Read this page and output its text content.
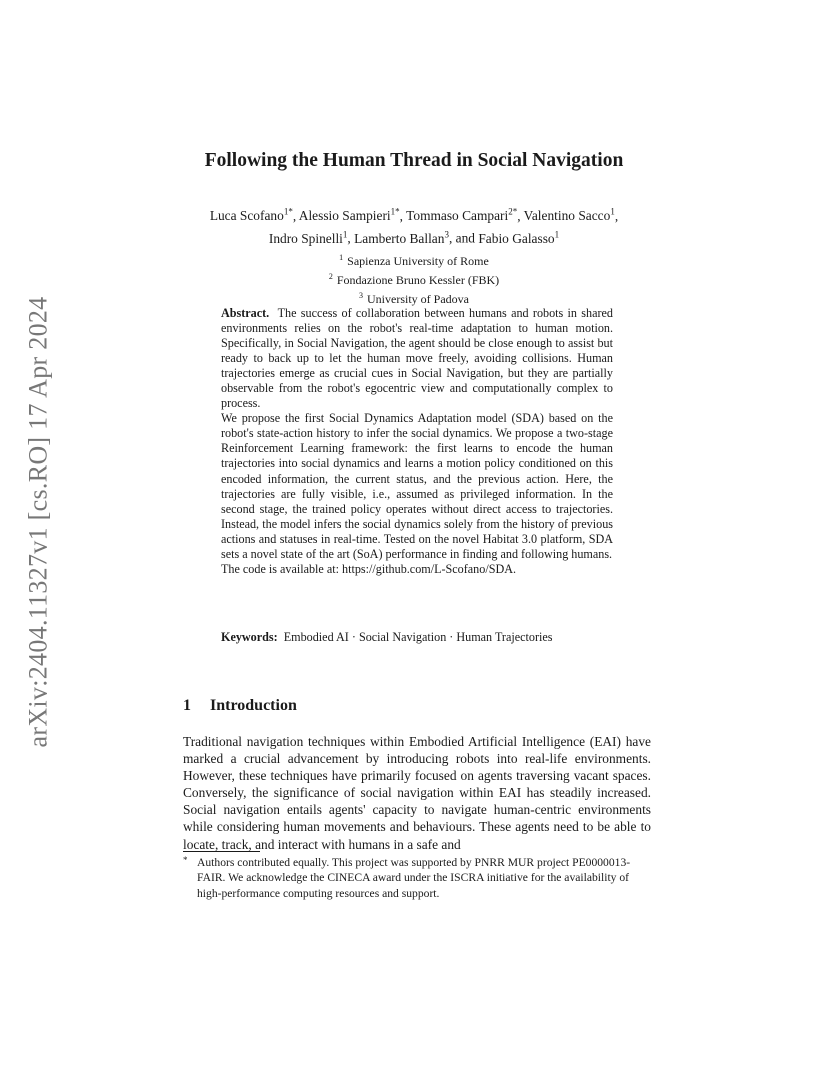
arXiv:2404.11327v1 [cs.RO] 17 Apr 2024
Following the Human Thread in Social Navigation
Luca Scofano$^{1*}$, Alessio Sampieri$^{1*}$, Tommaso Campari$^{2*}$, Valentino Sacco$^1$,
Indro Spinelli$^1$, Lamberto Ballan$^3$, and Fabio Galasso$^1$
$^1$ Sapienza University of Rome
$^2$ Fondazione Bruno Kessler (FBK)
$^3$ University of Padova

Abstract. The success of collaboration between humans and robots in shared environments relies on the robot's real-time adaptation to human motion. Specifically, in Social Navigation, the agent should be close enough to assist but ready to back up to let the human move freely, avoiding collisions. Human trajectories emerge as crucial cues in Social Navigation, but they are partially observable from the robot's egocentric view and computationally complex to process.

We propose the first Social Dynamics Adaptation model (SDA) based on the robot's state-action history to infer the social dynamics. We propose a two-stage Reinforcement Learning framework: the first learns to encode the human trajectories into social dynamics and learns a motion policy conditioned on this encoded information, the current status, and the previous action. Here, the trajectories are fully visible, i.e., assumed as privileged information. In the second stage, the trained policy operates without direct access to trajectories. Instead, the model infers the social dynamics solely from the history of previous actions and statuses in real-time. Tested on the novel Habitat 3.0 platform, SDA sets a novel state of the art (SoA) performance in finding and following humans.

The code is available at: https://github.com/L-Scofano/SDA.

Keywords: Embodied AI · Social Navigation · Human Trajectories
1 Introduction

Traditional navigation techniques within Embodied Artificial Intelligence (EAI) have marked a crucial advancement by introducing robots into real-life environments. However, these techniques have primarily focused on agents traversing vacant spaces. Conversely, the significance of social navigation within EAI has steadily increased. Social navigation entails agents' capacity to navigate human-centric environments while considering human movements and behaviours. These agents need to be able to locate, track, and interact with humans in a safe and

* Authors contributed equally. This project was supported by PNRR MUR project PE0000013-FAIR. We acknowledge the CINECA award under the ISCRA initiative for the availability of high-performance computing resources and support.
